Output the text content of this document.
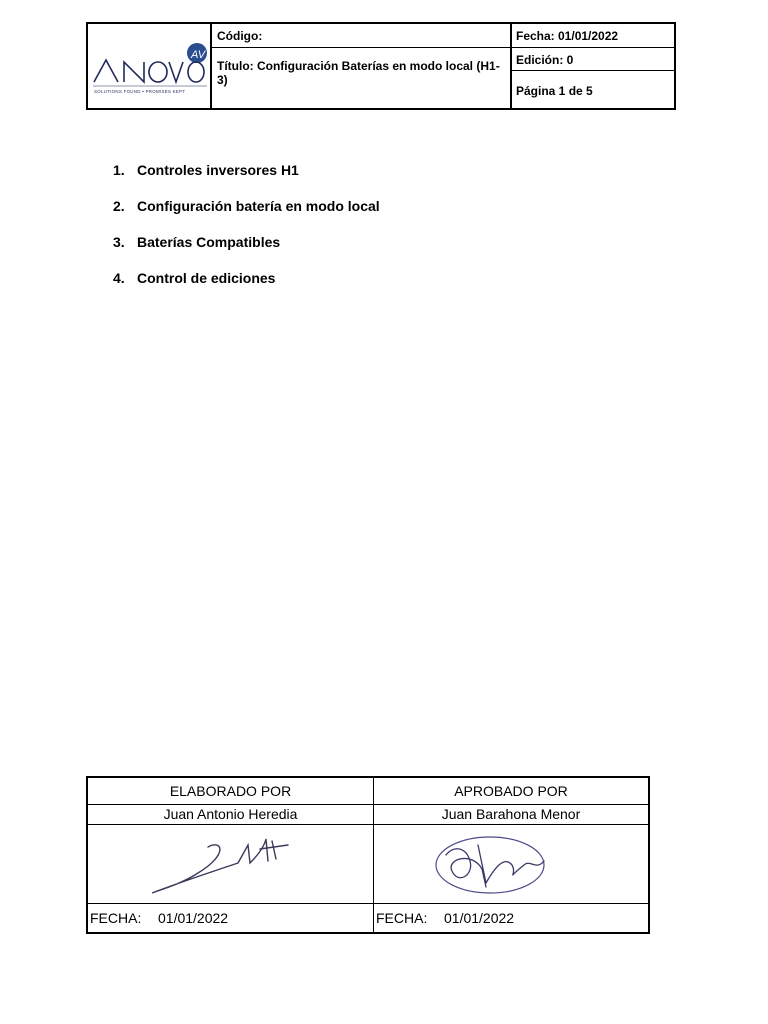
AV
SOLUTIONS FOUND • PROMISES KEPT
Código:
Título: Configuración Baterías en modo local (H1-3)
Fecha: 01/01/2022
Edición: 0
Página 1 de 5
1. Controles inversores H1
2. Configuración batería en modo local
3. Baterías Compatibles
4. Control de ediciones
ELABORADO POR
Juan Antonio Heredia
FECHA: 01/01/2022
APROBADO POR
Juan Barahona Menor
FECHA: 01/01/2022
